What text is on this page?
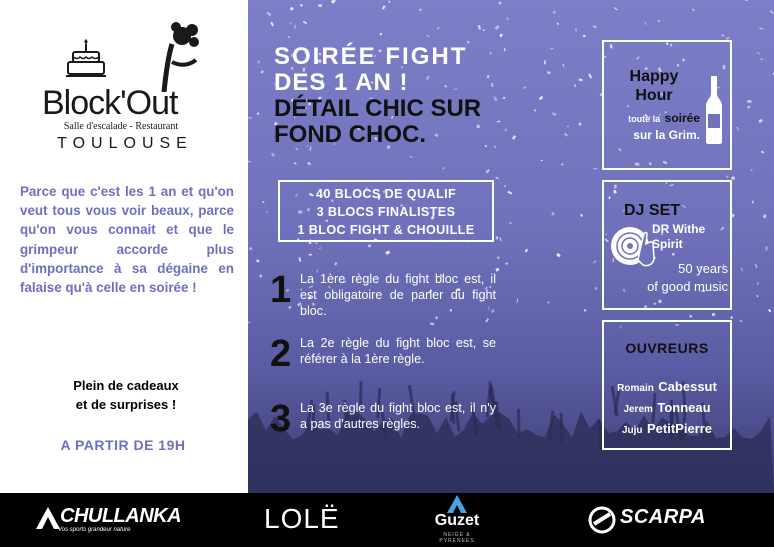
Block'Out
Salle d'escalade - Restaurant
TOULOUSE
Parce que c'est les 1 an et qu'on veut tous vous voir beaux, parce qu'on vous connait et que le grimpeur accorde plus d'importance à sa dégaine en falaise qu'à celle en soirée !
Plein de cadeaux
et de surprises !
A PARTIR DE 19H
SOIRÉE FIGHT
DES 1 AN !
DÉTAIL CHIC SUR
FOND CHOC.
40 BLOCS DE QUALIF
3 BLOCS FINALISTES
1 BLOC FIGHT & CHOUILLE
1 La 1ère règle du fight bloc est, il est obligatoire de parler du fight bloc.
2 La 2e règle du fight bloc est, se référer à la 1ère règle.
3 La 3e règle du fight bloc est, il n'y a pas d'autres règles.
Happy
Hour
toute la soirée
sur la Grim.
DJ SET
DR Withe
Spirit
50 years
of good music
OUVREURS
Romain Cabessut
Jerem Tonneau
Juju PetitPierre
CHULLANKA
Vos sports grandeur nature	LOLË	Guzet
NEIGE & PYRENEES
SCARPA
